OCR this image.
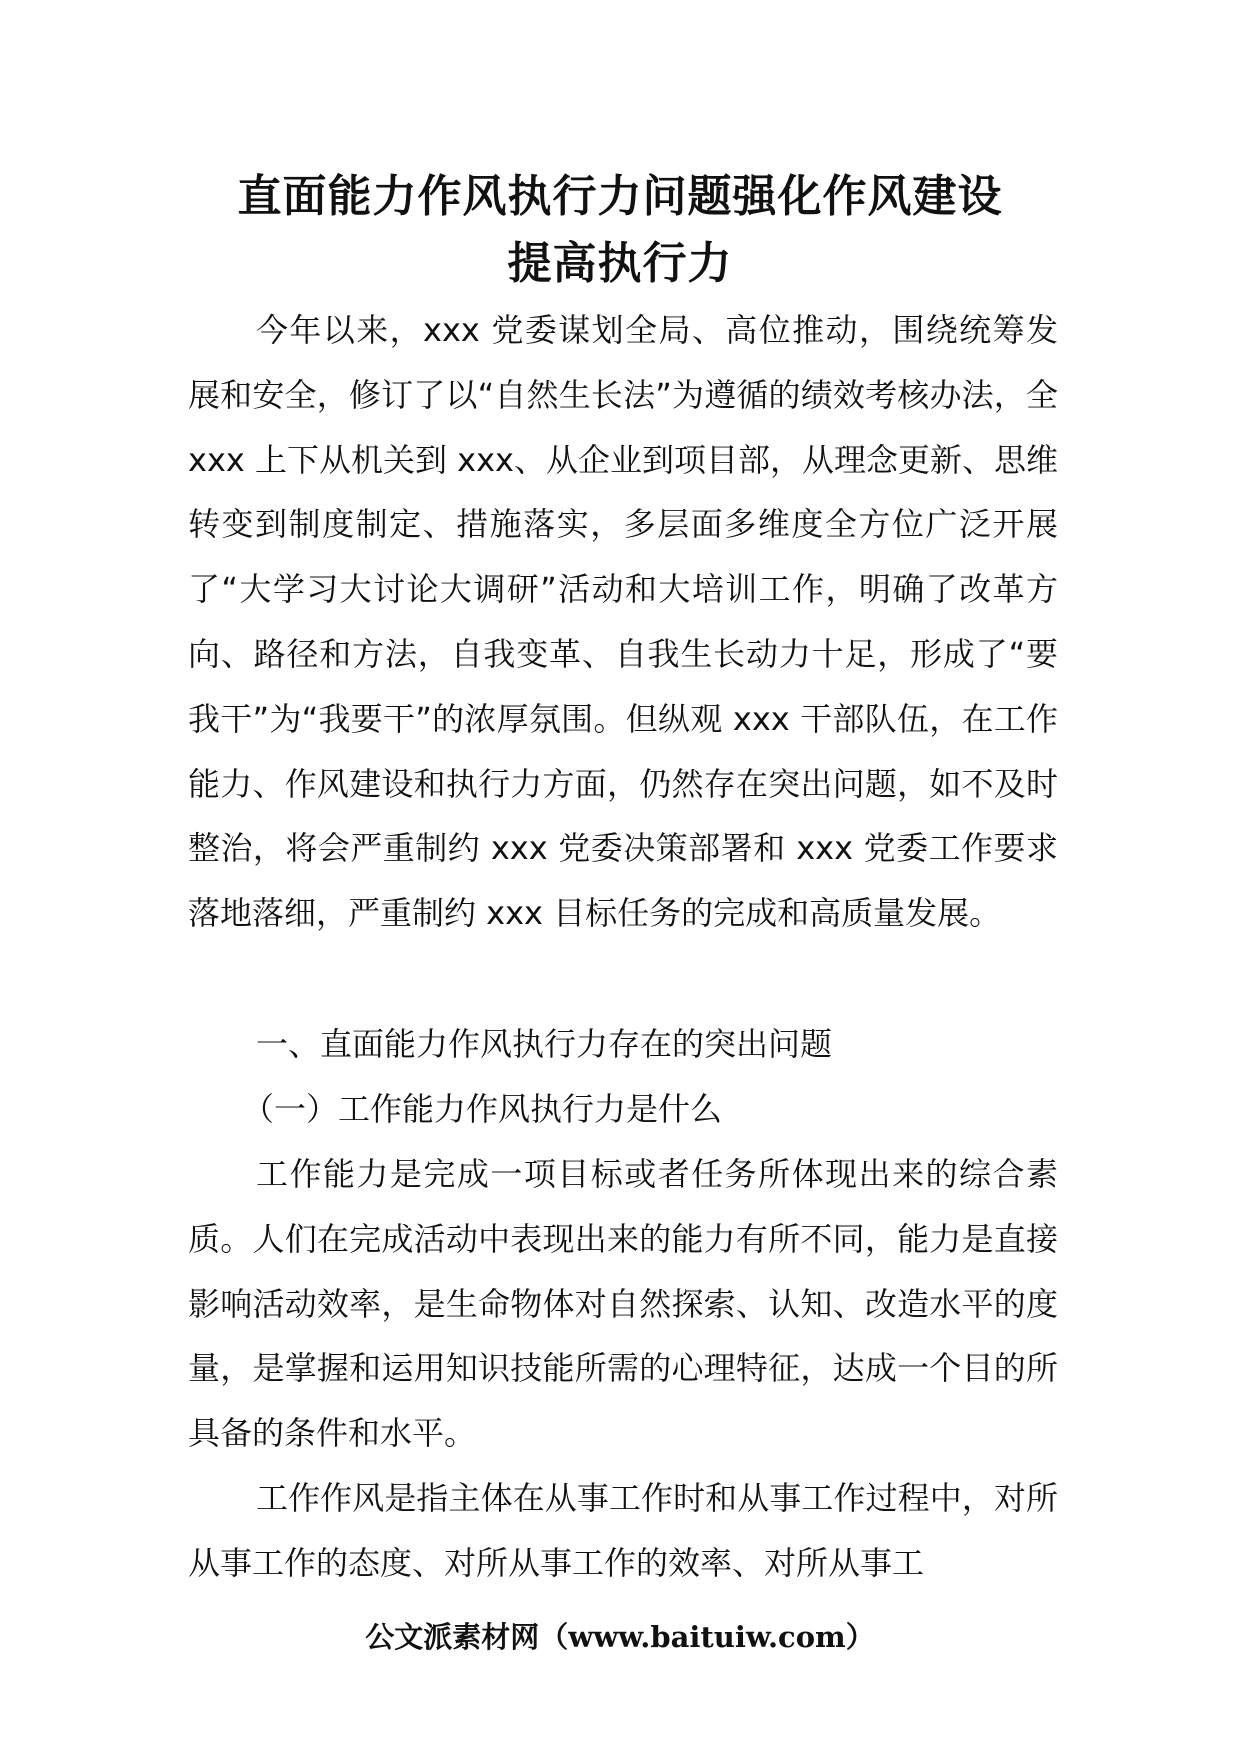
直面能力作风执行力问题强化作风建设
提高执行力

今年以来，xxx 党委谋划全局、高位推动，围绕统筹发展和安全，修订了以“自然生长法”为遵循的绩效考核办法，全 xxx 上下从机关到 xxx、从企业到项目部，从理念更新、思维转变到制度制定、措施落实，多层面多维度全方位广泛开展了“大学习大讨论大调研”活动和大培训工作，明确了改革方向、路径和方法，自我变革、自我生长动力十足，形成了“要我干”为“我要干”的浓厚氛围。但纵观 xxx 干部队伍，在工作能力、作风建设和执行力方面，仍然存在突出问题，如不及时整治，将会严重制约 xxx 党委决策部署和 xxx 党委工作要求落地落细，严重制约 xxx 目标任务的完成和高质量发展。

一、直面能力作风执行力存在的突出问题

（一）工作能力作风执行力是什么

工作能力是完成一项目标或者任务所体现出来的综合素质。人们在完成活动中表现出来的能力有所不同，能力是直接影响活动效率，是生命物体对自然探索、认知、改造水平的度量，是掌握和运用知识技能所需的心理特征，达成一个目的所具备的条件和水平。

工作作风是指主体在从事工作时和从事工作过程中，对所从事工作的态度、对所从事工作的效率、对所从事工

公文派素材网（www.baituiw.com）
